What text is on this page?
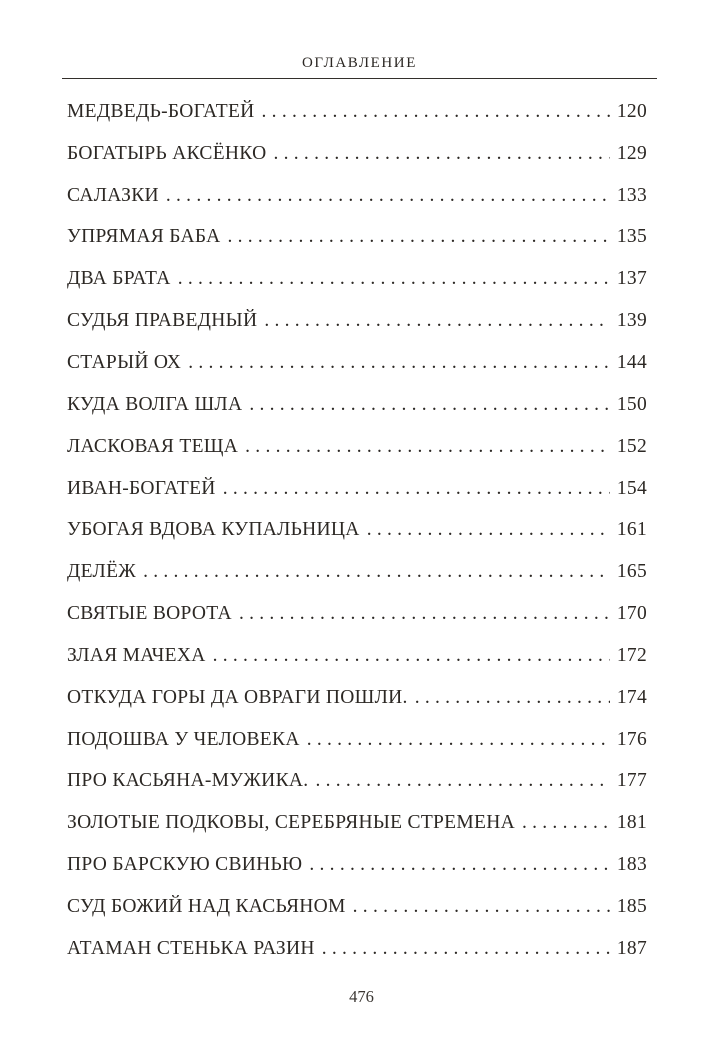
ОГЛАВЛЕНИЕ
МЕДВЕДЬ-БОГАТЕЙ .....	120
БОГАТЫРЬ АКСЁНКО .....	129
САЛАЗКИ .....	133
УПРЯМАЯ БАБА .....	135
ДВА БРАТА .....	137
СУДЬЯ ПРАВЕДНЫЙ .....	139
СТАРЫЙ ОХ .....	144
КУДА ВОЛГА ШЛА .....	150
ЛАСКОВАЯ ТЕЩА .....	152
ИВАН-БОГАТЕЙ .....	154
УБОГАЯ ВДОВА КУПАЛЬНИЦА .....	161
ДЕЛЁЖ .....	165
СВЯТЫЕ ВОРОТА .....	170
ЗЛАЯ МАЧЕХА .....	172
ОТКУДА ГОРЫ ДА ОВРАГИ ПОШЛИ. .....	174
ПОДОШВА У ЧЕЛОВЕКА .....	176
ПРО КАСЬЯНА-МУЖИКА. .....	177
ЗОЛОТЫЕ ПОДКОВЫ, СЕРЕБРЯНЫЕ СТРЕМЕНА .....	181
ПРО БАРСКУЮ СВИНЬЮ .....	183
СУД БОЖИЙ НАД КАСЬЯНОМ .....	185
АТАМАН СТЕНЬКА РАЗИН .....	187
476
